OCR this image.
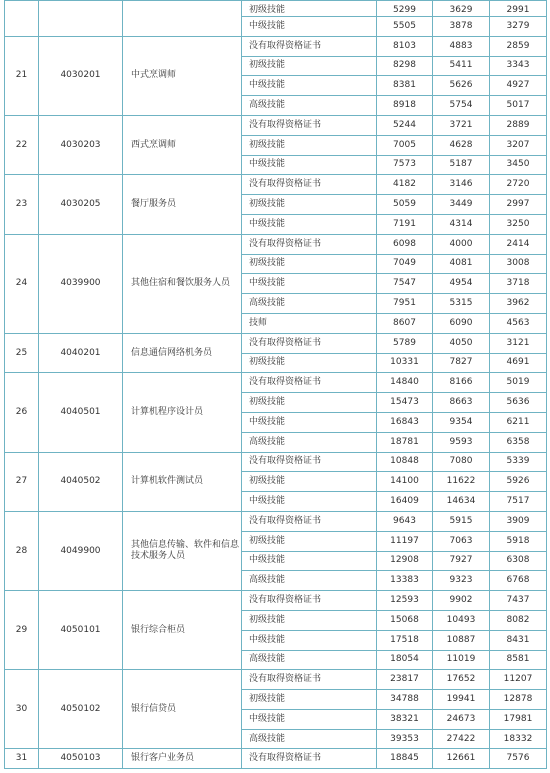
			初级技能	5299	3629	2991
			中级技能	5505	3878	3279
21	4030201	中式烹调师	没有取得资格证书	8103	4883	2859
			初级技能	8298	5411	3343
			中级技能	8381	5626	4927
			高级技能	8918	5754	5017
22	4030203	西式烹调师	没有取得资格证书	5244	3721	2889
			初级技能	7005	4628	3207
			中级技能	7573	5187	3450
23	4030205	餐厅服务员	没有取得资格证书	4182	3146	2720
			初级技能	5059	3449	2997
			中级技能	7191	4314	3250
24	4039900	其他住宿和餐饮服务人员	没有取得资格证书	6098	4000	2414
			初级技能	7049	4081	3008
			中级技能	7547	4954	3718
			高级技能	7951	5315	3962
			技师	8607	6090	4563
25	4040201	信息通信网络机务员	没有取得资格证书	5789	4050	3121
			初级技能	10331	7827	4691
26	4040501	计算机程序设计员	没有取得资格证书	14840	8166	5019
			初级技能	15473	8663	5636
			中级技能	16843	9354	6211
			高级技能	18781	9593	6358
27	4040502	计算机软件测试员	没有取得资格证书	10848	7080	5339
			初级技能	14100	11622	5926
			中级技能	16409	14634	7517
28	4049900	其他信息传输、软件和信息技术服务人员	没有取得资格证书	9643	5915	3909
			初级技能	11197	7063	5918
			中级技能	12908	7927	6308
			高级技能	13383	9323	6768
29	4050101	银行综合柜员	没有取得资格证书	12593	9902	7437
			初级技能	15068	10493	8082
			中级技能	17518	10887	8431
			高级技能	18054	11019	8581
30	4050102	银行信贷员	没有取得资格证书	23817	17652	11207
			初级技能	34788	19941	12878
			中级技能	38321	24673	17981
			高级技能	39353	27422	18332
31	4050103	银行客户业务员	没有取得资格证书	18845	12661	7576
